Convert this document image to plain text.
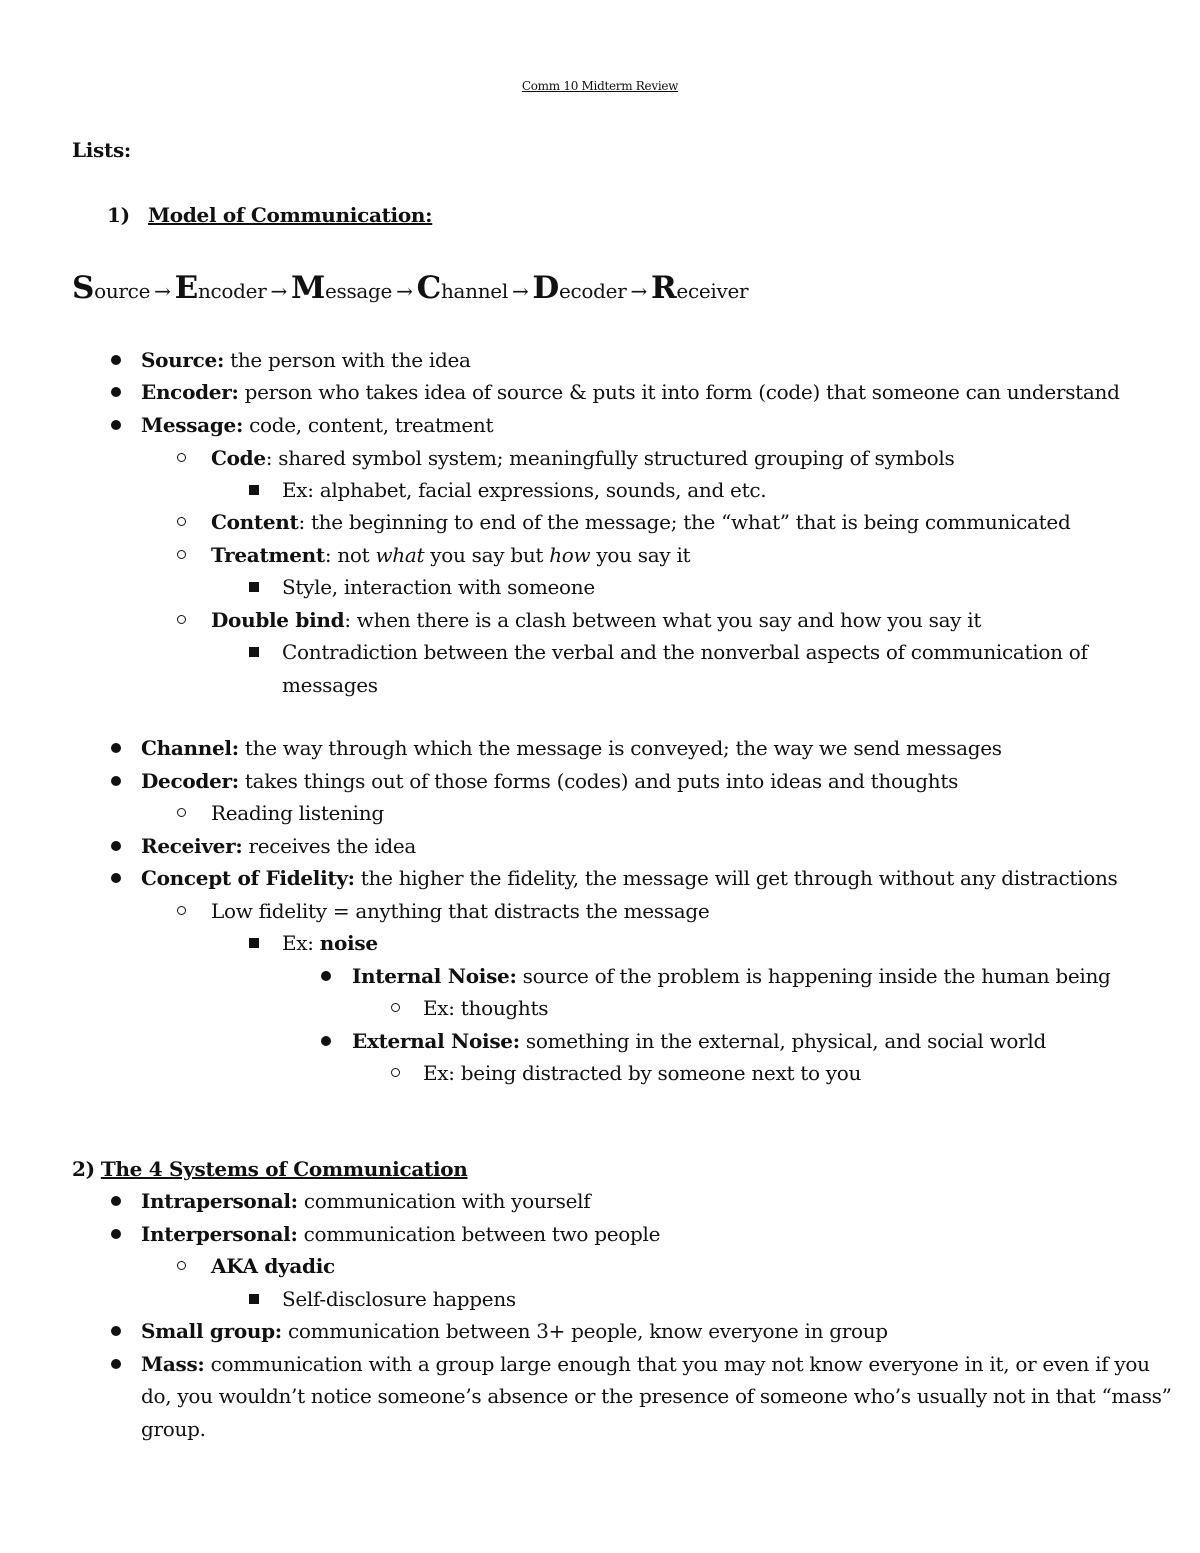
Comm 10 Midterm Review
Lists:
1) Model of Communication:
Source → Encoder → Message → Channel → Decoder → Receiver
Source: the person with the idea
Encoder: person who takes idea of source & puts it into form (code) that someone can understand
Message: code, content, treatment
Code: shared symbol system; meaningfully structured grouping of symbols
Ex: alphabet, facial expressions, sounds, and etc.
Content: the beginning to end of the message; the “what” that is being communicated
Treatment: not what you say but how you say it
Style, interaction with someone
Double bind: when there is a clash between what you say and how you say it
Contradiction between the verbal and the nonverbal aspects of communication of
messages
Channel: the way through which the message is conveyed; the way we send messages
Decoder: takes things out of those forms (codes) and puts into ideas and thoughts
Reading listening
Receiver: receives the idea
Concept of Fidelity: the higher the fidelity, the message will get through without any distractions
Low fidelity = anything that distracts the message
Ex: noise
Internal Noise: source of the problem is happening inside the human being
Ex: thoughts
External Noise: something in the external, physical, and social world
Ex: being distracted by someone next to you
2) The 4 Systems of Communication
Intrapersonal: communication with yourself
Interpersonal: communication between two people
AKA dyadic
Self-disclosure happens
Small group: communication between 3+ people, know everyone in group
Mass: communication with a group large enough that you may not know everyone in it, or even if you
do, you wouldn’t notice someone’s absence or the presence of someone who’s usually not in that “mass”
group.
